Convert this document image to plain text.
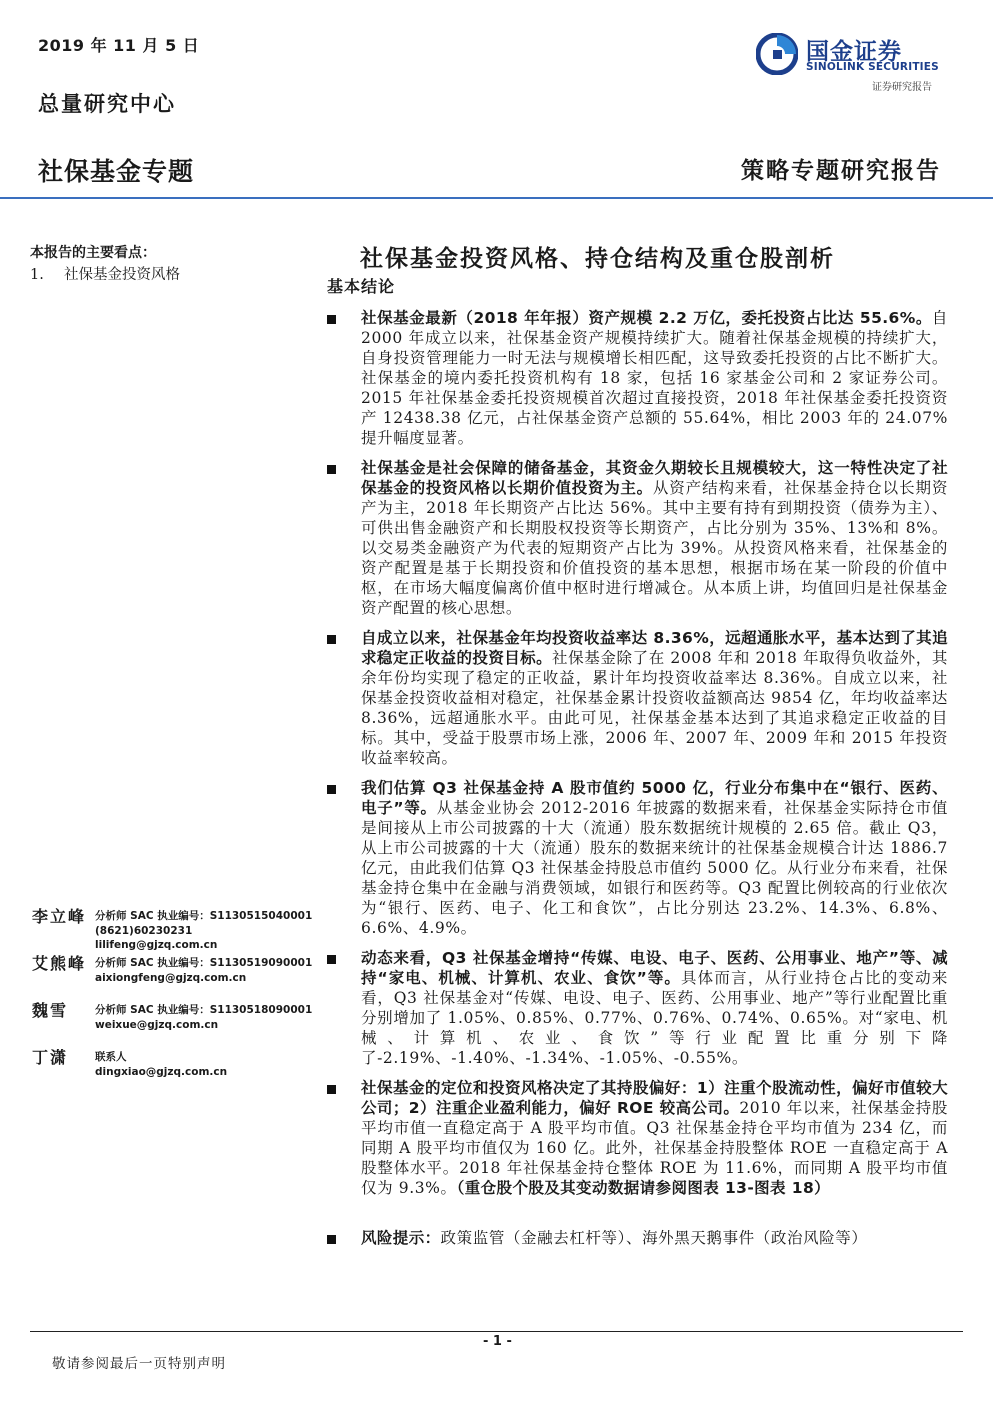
2019 年 11 月 5 日
总量研究中心
国金证券
SINOLINK SECURITIES
证券研究报告
社保基金专题	策略专题研究报告
本报告的主要看点：
1. 社保基金投资风格
社保基金投资风格、持仓结构及重仓股剖析
基本结论
社保基金最新（2018 年年报）资产规模 2.2 万亿，委托投资占比达 55.6%。自 2000 年成立以来，社保基金资产规模持续扩大。随着社保基金规模的持续扩大，自身投资管理能力一时无法与规模增长相匹配，这导致委托投资的占比不断扩大。社保基金的境内委托投资机构有 18 家，包括 16 家基金公司和 2 家证券公司。2015 年社保基金委托投资规模首次超过直接投资，2018 年社保基金委托投资资产 12438.38 亿元，占社保基金资产总额的 55.64%，相比 2003 年的 24.07%提升幅度显著。
社保基金是社会保障的储备基金，其资金久期较长且规模较大，这一特性决定了社保基金的投资风格以长期价值投资为主。从资产结构来看，社保基金持仓以长期资产为主，2018 年长期资产占比达 56%。其中主要有持有到期投资（债券为主）、可供出售金融资产和长期股权投资等长期资产，占比分别为 35%、13%和 8%。以交易类金融资产为代表的短期资产占比为 39%。从投资风格来看，社保基金的资产配置是基于长期投资和价值投资的基本思想，根据市场在某一阶段的价值中枢，在市场大幅度偏离价值中枢时进行增减仓。从本质上讲，均值回归是社保基金资产配置的核心思想。
自成立以来，社保基金年均投资收益率达 8.36%，远超通胀水平，基本达到了其追求稳定正收益的投资目标。社保基金除了在 2008 年和 2018 年取得负收益外，其余年份均实现了稳定的正收益，累计年均投资收益率达 8.36%。自成立以来，社保基金投资收益相对稳定，社保基金累计投资收益额高达 9854 亿，年均收益率达 8.36%，远超通胀水平。由此可见，社保基金基本达到了其追求稳定正收益的目标。其中，受益于股票市场上涨，2006 年、2007 年、2009 年和 2015 年投资收益率较高。
我们估算 Q3 社保基金持 A 股市值约 5000 亿，行业分布集中在“银行、医药、电子”等。从基金业协会 2012-2016 年披露的数据来看，社保基金实际持仓市值是间接从上市公司披露的十大（流通）股东数据统计规模的 2.65 倍。截止 Q3，从上市公司披露的十大（流通）股东的数据来统计的社保基金规模合计达 1886.7 亿元，由此我们估算 Q3 社保基金持股总市值约 5000 亿。从行业分布来看，社保基金持仓集中在金融与消费领域，如银行和医药等。Q3 配置比例较高的行业依次为“银行、医药、电子、化工和食饮”，占比分别达 23.2%、14.3%、6.8%、6.6%、4.9%。
动态来看，Q3 社保基金增持“传媒、电设、电子、医药、公用事业、地产”等、减持“家电、机械、计算机、农业、食饮”等。具体而言，从行业持仓占比的变动来看，Q3 社保基金对“传媒、电设、电子、医药、公用事业、地产”等行业配置比重分别增加了 1.05%、0.85%、0.77%、0.76%、0.74%、0.65%。对“家电、机械、计算机、农业、食饮”等行业配置比重分别下降了-2.19%、-1.40%、-1.34%、-1.05%、-0.55%。
社保基金的定位和投资风格决定了其持股偏好：1）注重个股流动性，偏好市值较大公司；2）注重企业盈利能力，偏好 ROE 较高公司。2010 年以来，社保基金持股平均市值一直稳定高于 A 股平均市值。Q3 社保基金持仓平均市值为 234 亿，而同期 A 股平均市值仅为 160 亿。此外，社保基金持股整体 ROE 一直稳定高于 A 股整体水平。2018 年社保基金持仓整体 ROE 为 11.6%，而同期 A 股平均市值仅为 9.3%。（重仓股个股及其变动数据请参阅图表 13-图表 18）
风险提示：政策监管（金融去杠杆等）、海外黑天鹅事件（政治风险等）
李立峰 分析师 SAC 执业编号：S1130515040001
(8621)60230231
lilifeng@gjzq.com.cn
艾熊峰 分析师 SAC 执业编号：S1130519090001
aixiongfeng@gjzq.com.cn
魏雪	分析师 SAC 执业编号：S1130518090001
weixue@gjzq.com.cn
丁潇	联系人
dingxiao@gjzq.com.cn
- 1 -
敬请参阅最后一页特别声明
